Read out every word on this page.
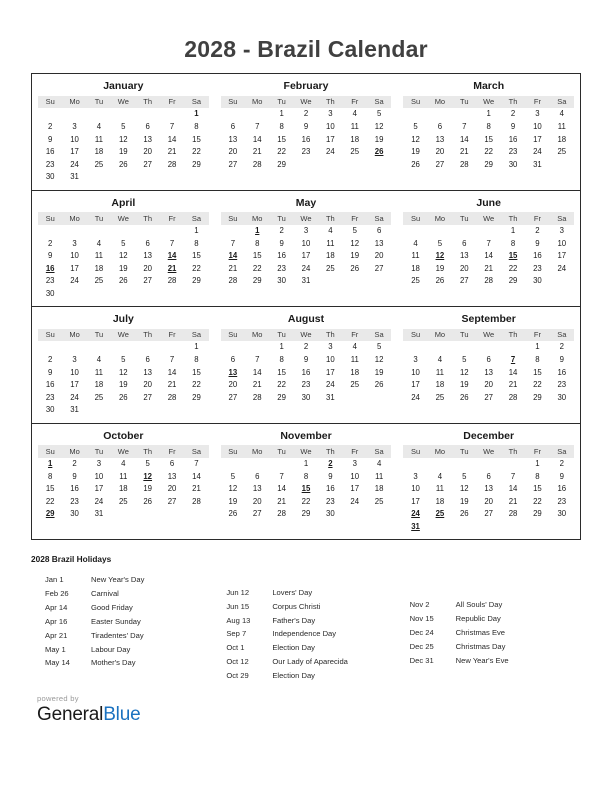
2028 - Brazil Calendar
January
Su	Mo	Tu	We	Th	Fr	Sa
						1
2	3	4	5	6	7	8
9	10	11	12	13	14	15
16	17	18	19	20	21	22
23	24	25	26	27	28	29
30	31					
February
Su	Mo	Tu	We	Th	Fr	Sa
		1	2	3	4	5
6	7	8	9	10	11	12
13	14	15	16	17	18	19
20	21	22	23	24	25	26
27	28	29				
March
Su	Mo	Tu	We	Th	Fr	Sa
			1	2	3	4
5	6	7	8	9	10	11
12	13	14	15	16	17	18
19	20	21	22	23	24	25
26	27	28	29	30	31	
April
Su	Mo	Tu	We	Th	Fr	Sa
						1
2	3	4	5	6	7	8
9	10	11	12	13	14	15
16	17	18	19	20	21	22
23	24	25	26	27	28	29
30						
May
Su	Mo	Tu	We	Th	Fr	Sa
	1	2	3	4	5	6
7	8	9	10	11	12	13
14	15	16	17	18	19	20
21	22	23	24	25	26	27
28	29	30	31			
June
Su	Mo	Tu	We	Th	Fr	Sa
				1	2	3
4	5	6	7	8	9	10
11	12	13	14	15	16	17
18	19	20	21	22	23	24
25	26	27	28	29	30	
July
Su	Mo	Tu	We	Th	Fr	Sa
						1
2	3	4	5	6	7	8
9	10	11	12	13	14	15
16	17	18	19	20	21	22
23	24	25	26	27	28	29
30	31					
August
Su	Mo	Tu	We	Th	Fr	Sa
		1	2	3	4	5
6	7	8	9	10	11	12
13	14	15	16	17	18	19
20	21	22	23	24	25	26
27	28	29	30	31		
September
Su	Mo	Tu	We	Th	Fr	Sa
					1	2
3	4	5	6	7	8	9
10	11	12	13	14	15	16
17	18	19	20	21	22	23
24	25	26	27	28	29	30
October
Su	Mo	Tu	We	Th	Fr	Sa
1	2	3	4	5	6	7
8	9	10	11	12	13	14
15	16	17	18	19	20	21
22	23	24	25	26	27	28
29	30	31				
November
Su	Mo	Tu	We	Th	Fr	Sa
			1	2	3	4
5	6	7	8	9	10	11
12	13	14	15	16	17	18
19	20	21	22	23	24	25
26	27	28	29	30		
December
Su	Mo	Tu	We	Th	Fr	Sa
					1	2
3	4	5	6	7	8	9
10	11	12	13	14	15	16
17	18	19	20	21	22	23
24	25	26	27	28	29	30
31						
2028 Brazil Holidays
Jan 1	New Year's Day
Feb 26	Carnival
Apr 14	Good Friday
Apr 16	Easter Sunday
Apr 21	Tiradentes' Day
May 1	Labour Day
May 14	Mother's Day
Jun 12	Lovers' Day
Jun 15	Corpus Christi
Aug 13	Father's Day
Sep 7	Independence Day
Oct 1	Election Day
Oct 12	Our Lady of Aparecida
Oct 29	Election Day
Nov 2	All Souls' Day
Nov 15	Republic Day
Dec 24	Christmas Eve
Dec 25	Christmas Day
Dec 31	New Year's Eve
powered by
GeneralBlue
